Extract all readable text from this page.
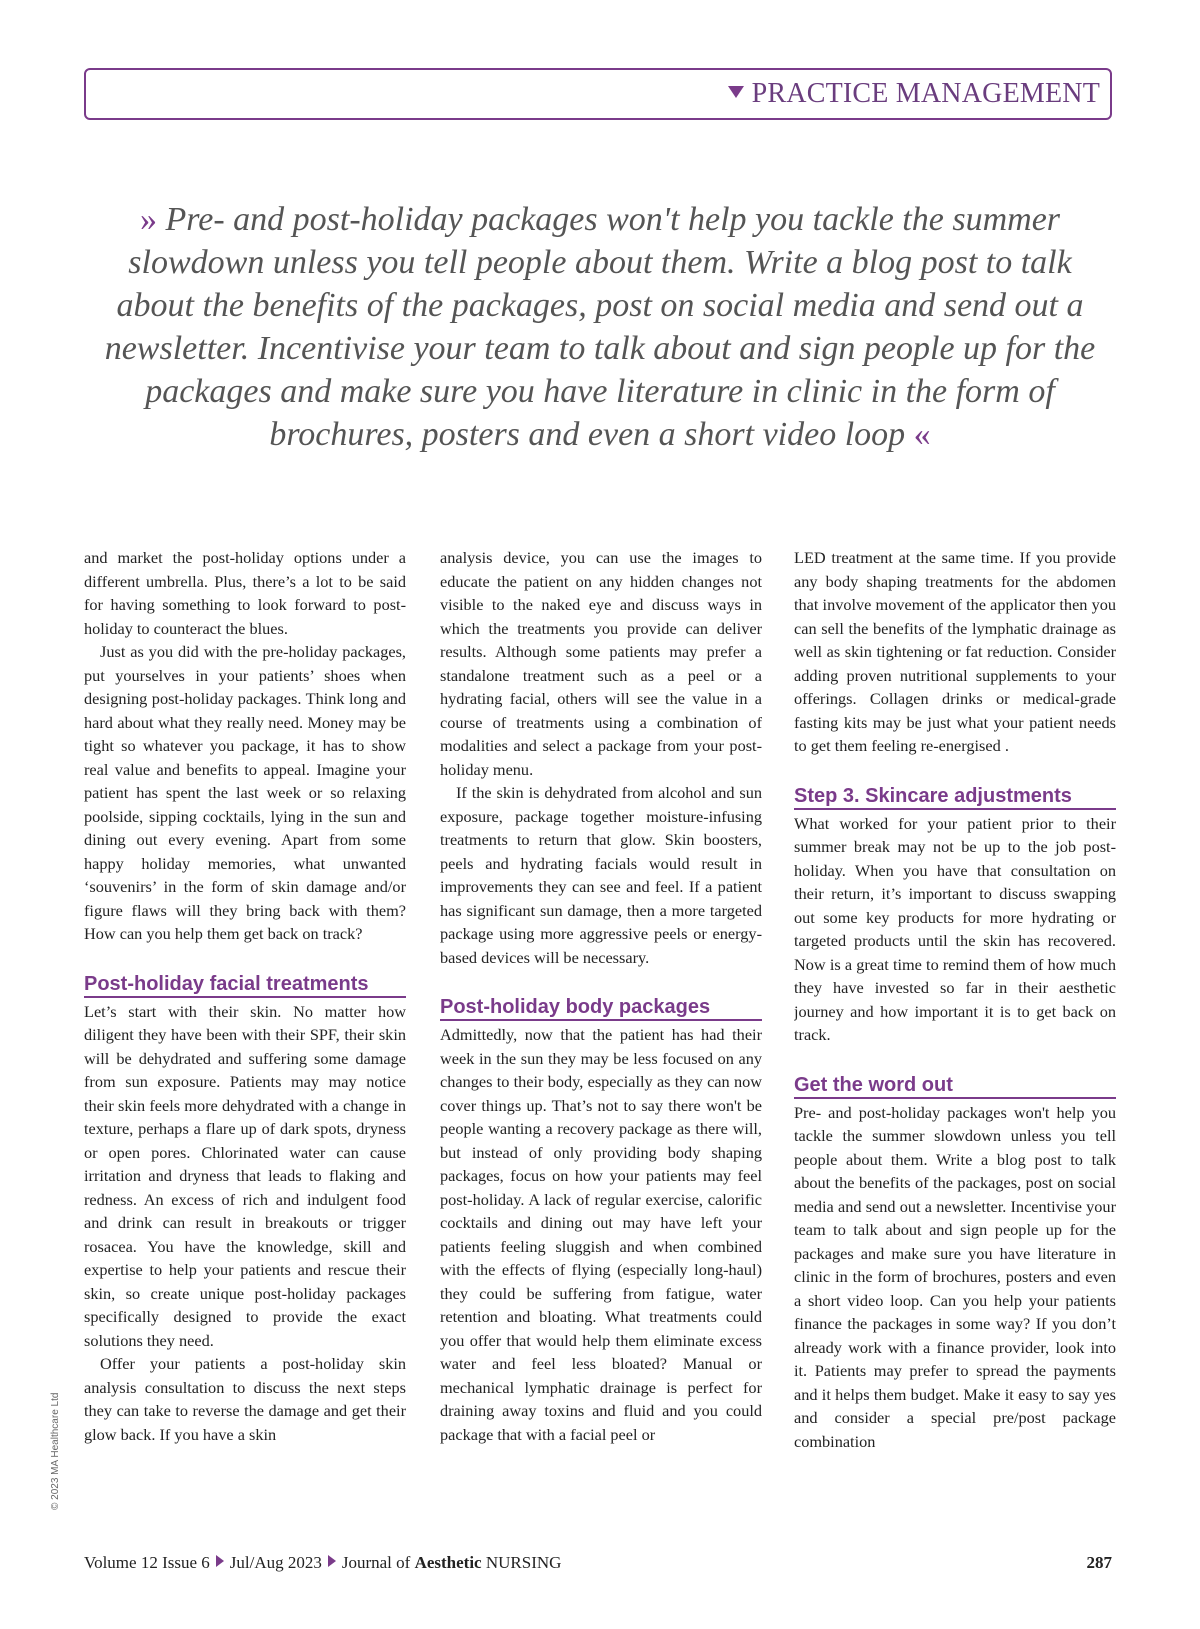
PRACTICE MANAGEMENT

» Pre- and post-holiday packages won't help you tackle the summer slowdown unless you tell people about them. Write a blog post to talk about the benefits of the packages, post on social media and send out a newsletter. Incentivise your team to talk about and sign people up for the packages and make sure you have literature in clinic in the form of brochures, posters and even a short video loop «

and market the post-holiday options under a different umbrella. Plus, there’s a lot to be said for having something to look forward to post-holiday to counteract the blues.

Just as you did with the pre-holiday packages, put yourselves in your patients’ shoes when designing post-holiday packages. Think long and hard about what they really need. Money may be tight so whatever you package, it has to show real value and benefits to appeal. Imagine your patient has spent the last week or so relaxing poolside, sipping cocktails, lying in the sun and dining out every evening. Apart from some happy holiday memories, what unwanted ‘souvenirs’ in the form of skin damage and/or figure flaws will they bring back with them? How can you help them get back on track?

Post-holiday facial treatments

Let’s start with their skin. No matter how diligent they have been with their SPF, their skin will be dehydrated and suffering some damage from sun exposure. Patients may may notice their skin feels more dehydrated with a change in texture, perhaps a flare up of dark spots, dryness or open pores. Chlorinated water can cause irritation and dryness that leads to flaking and redness. An excess of rich and indulgent food and drink can result in breakouts or trigger rosacea. You have the knowledge, skill and expertise to help your patients and rescue their skin, so create unique post-holiday packages specifically designed to provide the exact solutions they need.

Offer your patients a post-holiday skin analysis consultation to discuss the next steps they can take to reverse the damage and get their glow back. If you have a skin

analysis device, you can use the images to educate the patient on any hidden changes not visible to the naked eye and discuss ways in which the treatments you provide can deliver results. Although some patients may prefer a standalone treatment such as a peel or a hydrating facial, others will see the value in a course of treatments using a combination of modalities and select a package from your post-holiday menu.

If the skin is dehydrated from alcohol and sun exposure, package together moisture-infusing treatments to return that glow. Skin boosters, peels and hydrating facials would result in improvements they can see and feel. If a patient has significant sun damage, then a more targeted package using more aggressive peels or energy-based devices will be necessary.

Post-holiday body packages

Admittedly, now that the patient has had their week in the sun they may be less focused on any changes to their body, especially as they can now cover things up. That’s not to say there won't be people wanting a recovery package as there will, but instead of only providing body shaping packages, focus on how your patients may feel post-holiday. A lack of regular exercise, calorific cocktails and dining out may have left your patients feeling sluggish and when combined with the effects of flying (especially long-haul) they could be suffering from fatigue, water retention and bloating. What treatments could you offer that would help them eliminate excess water and feel less bloated? Manual or mechanical lymphatic drainage is perfect for draining away toxins and fluid and you could package that with a facial peel or

LED treatment at the same time. If you provide any body shaping treatments for the abdomen that involve movement of the applicator then you can sell the benefits of the lymphatic drainage as well as skin tightening or fat reduction. Consider adding proven nutritional supplements to your offerings. Collagen drinks or medical-grade fasting kits may be just what your patient needs to get them feeling re-energised .

Step 3. Skincare adjustments

What worked for your patient prior to their summer break may not be up to the job post-holiday. When you have that consultation on their return, it’s important to discuss swapping out some key products for more hydrating or targeted products until the skin has recovered. Now is a great time to remind them of how much they have invested so far in their aesthetic journey and how important it is to get back on track.

Get the word out

Pre- and post-holiday packages won't help you tackle the summer slowdown unless you tell people about them. Write a blog post to talk about the benefits of the packages, post on social media and send out a newsletter. Incentivise your team to talk about and sign people up for the packages and make sure you have literature in clinic in the form of brochures, posters and even a short video loop. Can you help your patients finance the packages in some way? If you don’t already work with a finance provider, look into it. Patients may prefer to spread the payments and it helps them budget. Make it easy to say yes and consider a special pre/post package combination

© 2023 MA Healthcare Ltd
Volume 12 Issue 6 Jul/Aug 2023 Journal of Aesthetic NURSING	287
